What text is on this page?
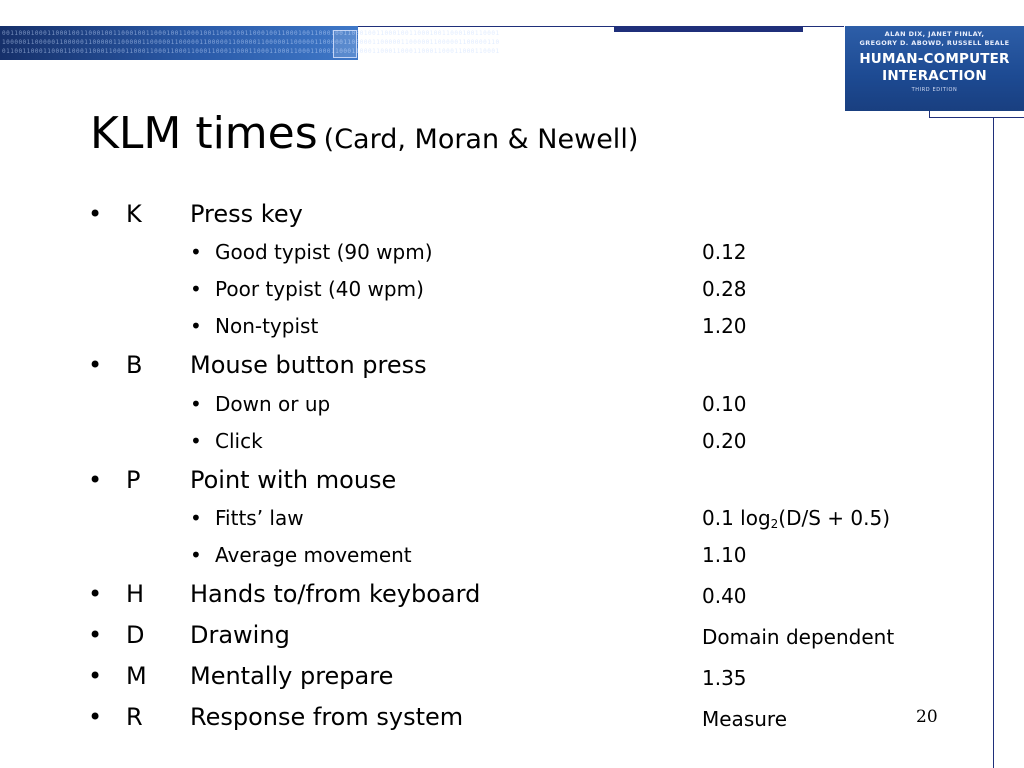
0011000100011000100110001001100010011000100110001001100010011000100110001001100010011000100110001001100010011000100110001
1000001100000110000011000001100000110000011000001100000110000011000001100000110000011000001100000110000011000001100000110
0110011000110001100011000110001100011000110001100011000110001100011000110001100011000110001100011000110001100011000110001
ALAN DIX, JANET FINLAY,
GREGORY D. ABOWD, RUSSELL BEALE
HUMAN-COMPUTER
INTERACTION
THIRD EDITION
KLM times (Card, Moran & Newell)
• K Press key
• Good typist (90 wpm)	0.12
• Poor typist (40 wpm)	0.28
• Non-typist	1.20
• B Mouse button press
• Down or up	0.10
• Click	0.20
• P Point with mouse
• Fitts’ law	0.1 $\log_2(D/S + 0.5)$
• Average movement	1.10
• H Hands to/from keyboard	0.40
• D Drawing	Domain dependent
• M Mentally prepare	1.35
• R Response from system	Measure	20
